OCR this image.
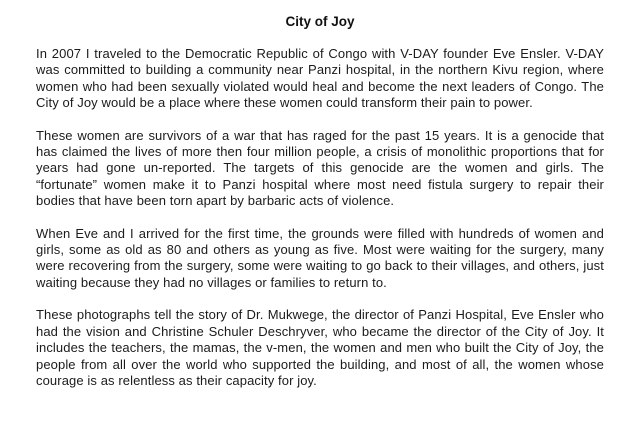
City of Joy

In 2007 I traveled to the Democratic Republic of Congo with V-DAY founder Eve Ensler. V-DAY was committed to building a community near Panzi hospital, in the northern Kivu region, where women who had been sexually violated would heal and become the next leaders of Congo. The City of Joy would be a place where these women could transform their pain to power.

These women are survivors of a war that has raged for the past 15 years. It is a genocide that has claimed the lives of more then four million people, a crisis of monolithic proportions that for years had gone un-reported. The targets of this genocide are the women and girls. The “fortunate” women make it to Panzi hospital where most need fistula surgery to repair their bodies that have been torn apart by barbaric acts of violence.

When Eve and I arrived for the first time, the grounds were filled with hundreds of women and girls, some as old as 80 and others as young as five. Most were waiting for the surgery, many were recovering from the surgery, some were waiting to go back to their villages, and others, just waiting because they had no villages or families to return to.

These photographs tell the story of Dr. Mukwege, the director of Panzi Hospital, Eve Ensler who had the vision and Christine Schuler Deschryver, who became the director of the City of Joy. It includes the teachers, the mamas, the v-men, the women and men who built the City of Joy, the people from all over the world who supported the building, and most of all, the women whose courage is as relentless as their capacity for joy.
